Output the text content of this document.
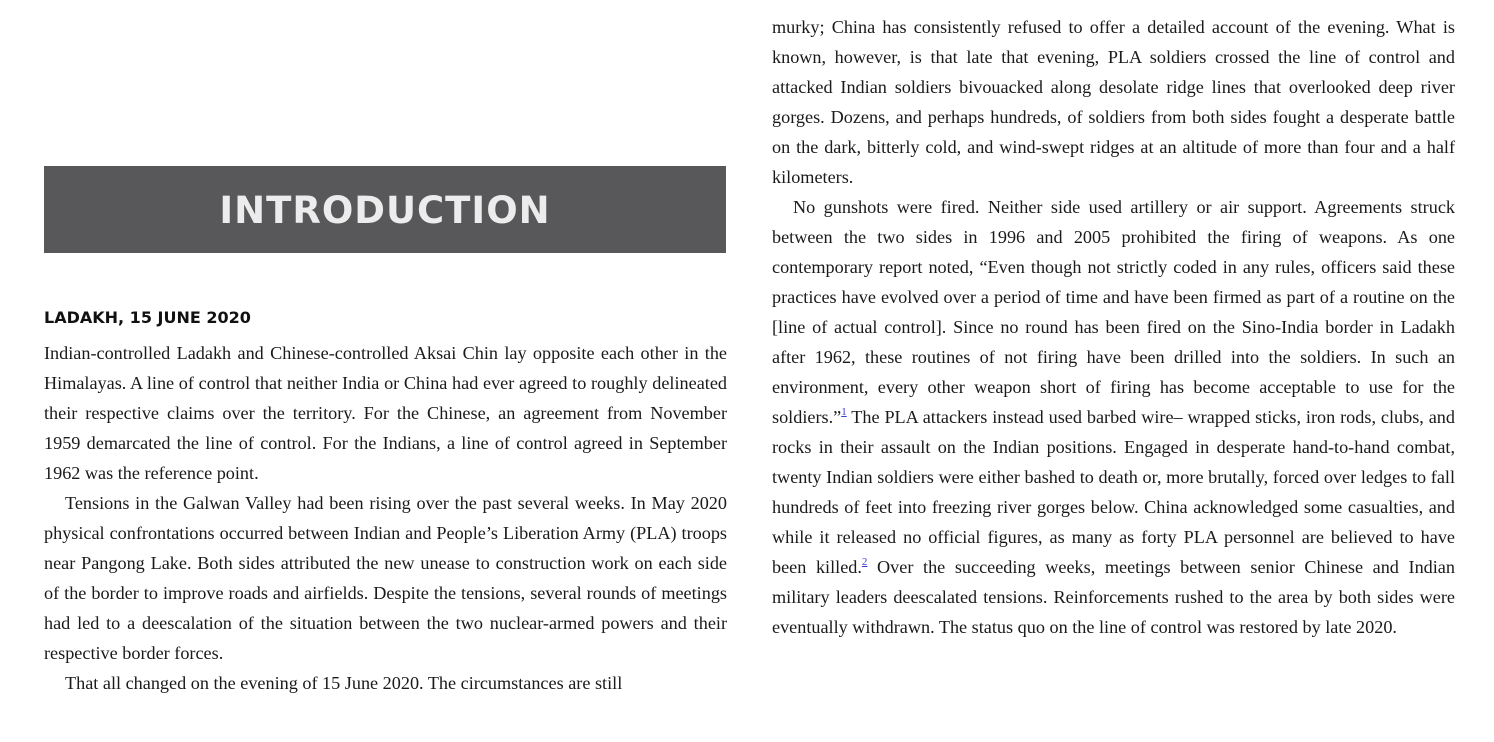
INTRODUCTION
LADAKH, 15 JUNE 2020

Indian-controlled Ladakh and Chinese-controlled Aksai Chin lay opposite each other in the Himalayas. A line of control that neither India or China had ever agreed to roughly delineated their respective claims over the territory. For the Chinese, an agreement from November 1959 demarcated the line of control. For the Indians, a line of control agreed in September 1962 was the reference point.

Tensions in the Galwan Valley had been rising over the past several weeks. In May 2020 physical confrontations occurred between Indian and People’s Liberation Army (PLA) troops near Pangong Lake. Both sides attributed the new unease to construction work on each side of the border to improve roads and airfields. Despite the tensions, several rounds of meetings had led to a deescalation of the situation between the two nuclear-armed powers and their respective border forces.

That all changed on the evening of 15 June 2020. The circumstances are still

murky; China has consistently refused to offer a detailed account of the evening. What is known, however, is that late that evening, PLA soldiers crossed the line of control and attacked Indian soldiers bivouacked along desolate ridge lines that overlooked deep river gorges. Dozens, and perhaps hundreds, of soldiers from both sides fought a desperate battle on the dark, bitterly cold, and wind-swept ridges at an altitude of more than four and a half kilometers.

No gunshots were fired. Neither side used artillery or air support. Agreements struck between the two sides in 1996 and 2005 prohibited the firing of weapons. As one contemporary report noted, “Even though not strictly coded in any rules, officers said these practices have evolved over a period of time and have been firmed as part of a routine on the [line of actual control]. Since no round has been fired on the Sino-India border in Ladakh after 1962, these routines of not firing have been drilled into the soldiers. In such an environment, every other weapon short of firing has become acceptable to use for the soldiers.”$^1$ The PLA attackers instead used barbed wire– wrapped sticks, iron rods, clubs, and rocks in their assault on the Indian positions. Engaged in desperate hand-to-hand combat, twenty Indian soldiers were either bashed to death or, more brutally, forced over ledges to fall hundreds of feet into freezing river gorges below. China acknowledged some casualties, and while it released no official figures, as many as forty PLA personnel are believed to have been killed.$^2$ Over the succeeding weeks, meetings between senior Chinese and Indian military leaders deescalated tensions. Reinforcements rushed to the area by both sides were eventually withdrawn. The status quo on the line of control was restored by late 2020.
